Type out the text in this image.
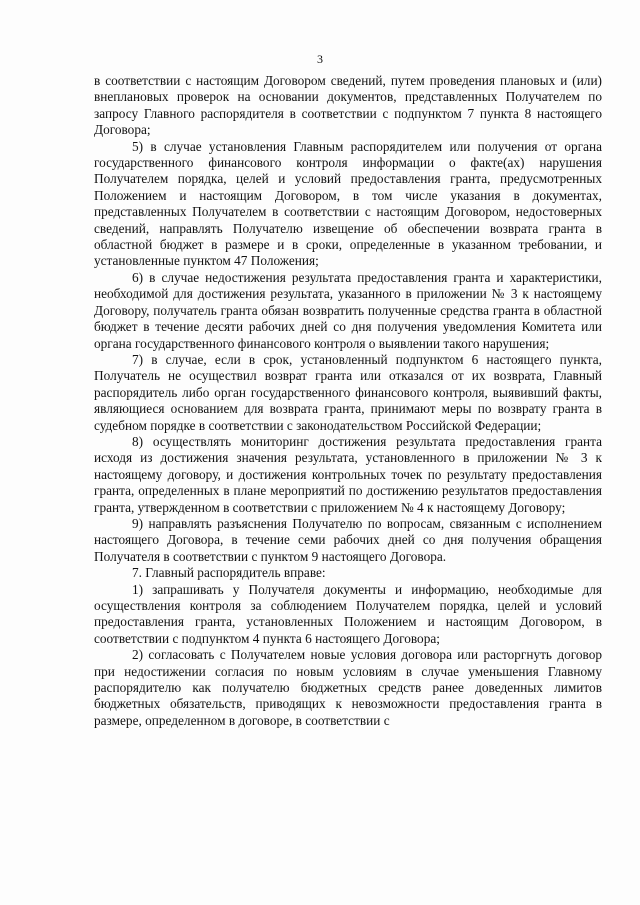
3

в соответствии с настоящим Договором сведений, путем проведения плановых и (или) внеплановых проверок на основании документов, представленных Получателем по запросу Главного распорядителя в соответствии с подпунктом 7 пункта 8 настоящего Договора;

5) в случае установления Главным распорядителем или получения от органа государственного финансового контроля информации о факте(ах) нарушения Получателем порядка, целей и условий предоставления гранта, предусмотренных Положением и настоящим Договором, в том числе указания в документах, представленных Получателем в соответствии с настоящим Договором, недостоверных сведений, направлять Получателю извещение об обеспечении возврата гранта в областной бюджет в размере и в сроки, определенные в указанном требовании, и установленные пунктом 47 Положения;

6) в случае недостижения результата предоставления гранта и характеристики, необходимой для достижения результата, указанного в приложении № 3 к настоящему Договору, получатель гранта обязан возвратить полученные средства гранта в областной бюджет в течение десяти рабочих дней со дня получения уведомления Комитета или органа государственного финансового контроля о выявлении такого нарушения;

7) в случае, если в срок, установленный подпунктом 6 настоящего пункта, Получатель не осуществил возврат гранта или отказался от их возврата, Главный распорядитель либо орган государственного финансового контроля, выявивший факты, являющиеся основанием для возврата гранта, принимают меры по возврату гранта в судебном порядке в соответствии с законодательством Российской Федерации;

8) осуществлять мониторинг достижения результата предоставления гранта исходя из достижения значения результата, установленного в приложении № 3 к настоящему договору, и достижения контрольных точек по результату предоставления гранта, определенных в плане мероприятий по достижению результатов предоставления гранта, утвержденном в соответствии с приложением № 4 к настоящему Договору;

9) направлять разъяснения Получателю по вопросам, связанным с исполнением настоящего Договора, в течение семи рабочих дней со дня получения обращения Получателя в соответствии с пунктом 9 настоящего Договора.

7. Главный распорядитель вправе:

1) запрашивать у Получателя документы и информацию, необходимые для осуществления контроля за соблюдением Получателем порядка, целей и условий предоставления гранта, установленных Положением и настоящим Договором, в соответствии с подпунктом 4 пункта 6 настоящего Договора;

2) согласовать с Получателем новые условия договора или расторгнуть договор при недостижении согласия по новым условиям в случае уменьшения Главному распорядителю как получателю бюджетных средств ранее доведенных лимитов бюджетных обязательств, приводящих к невозможности предоставления гранта в размере, определенном в договоре, в соответствии с
